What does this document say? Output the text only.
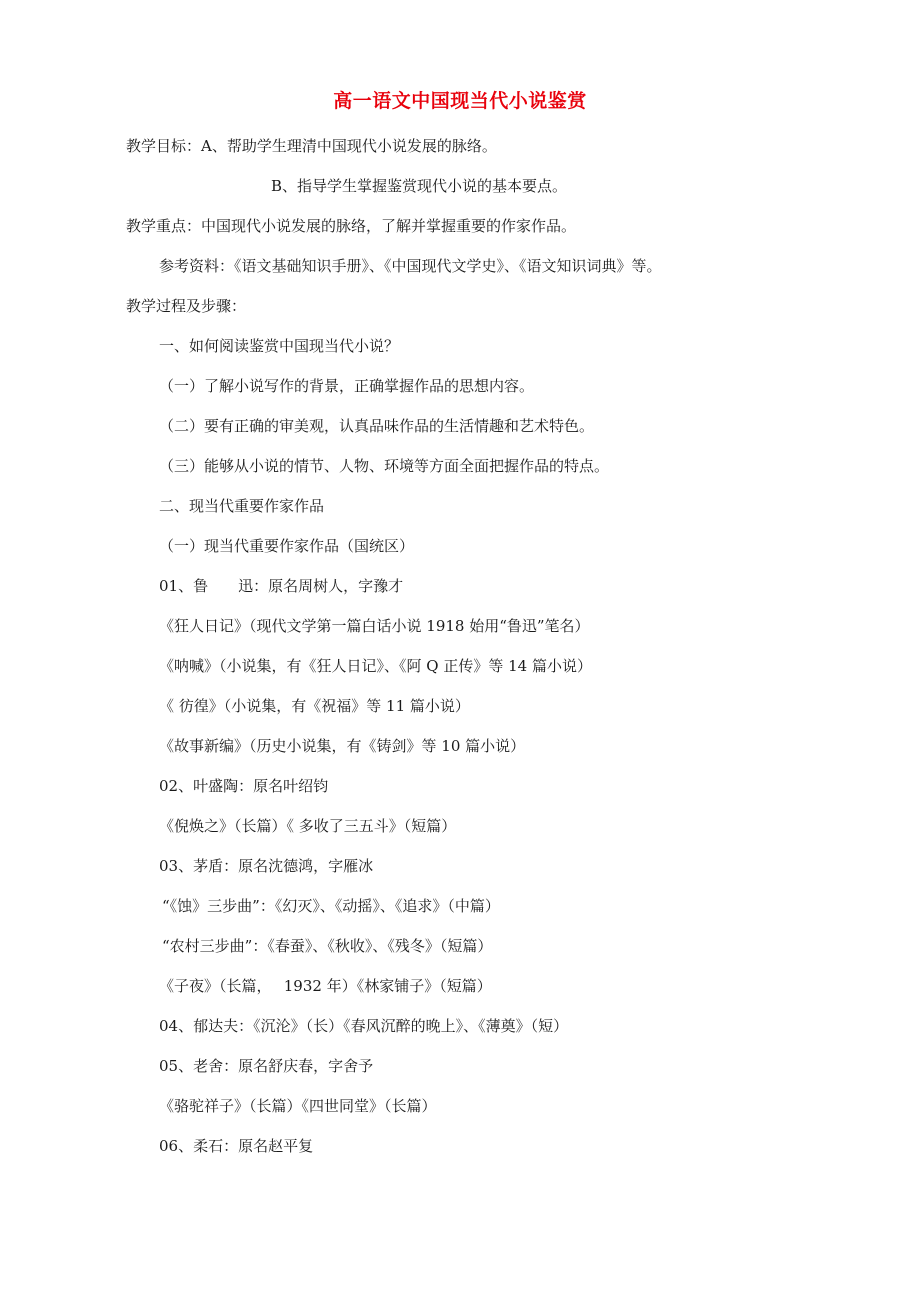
高一语文中国现当代小说鉴赏
教学目标：A、帮助学生理清中国现代小说发展的脉络。
B、指导学生掌握鉴赏现代小说的基本要点。
教学重点：中国现代小说发展的脉络，了解并掌握重要的作家作品。
参考资料：《语文基础知识手册》、《中国现代文学史》、《语文知识词典》等。
教学过程及步骤：
一、如何阅读鉴赏中国现当代小说？
（一）了解小说写作的背景，正确掌握作品的思想内容。
（二）要有正确的审美观，认真品味作品的生活情趣和艺术特色。
（三）能够从小说的情节、人物、环境等方面全面把握作品的特点。
二、现当代重要作家作品
（一）现当代重要作家作品（国统区）
01、鲁　　迅：原名周树人，字豫才
《狂人日记》（现代文学第一篇白话小说 1918 始用“鲁迅”笔名）
《呐喊》（小说集，有《狂人日记》、《阿 Q 正传》等 14 篇小说）
《 彷徨》（小说集，有《祝福》等 11 篇小说）
《故事新编》（历史小说集，有《铸剑》等 10 篇小说）
02、叶盛陶：原名叶绍钧
《倪焕之》（长篇）《 多收了三五斗》（短篇）
03、茅盾：原名沈德鸿，字雁冰
“《蚀》三步曲”：《幻灭》、《动摇》、《追求》（中篇）
“农村三步曲”：《春蚕》、《秋收》、《残冬》（短篇）
《子夜》（长篇，　 1932 年）《林家铺子》（短篇）
04、郁达夫：《沉沦》（长）《春风沉醉的晚上》、《薄奠》（短）
05、老舍：原名舒庆春，字舍予
《骆驼祥子》（长篇）《四世同堂》（长篇）
06、柔石：原名赵平复
